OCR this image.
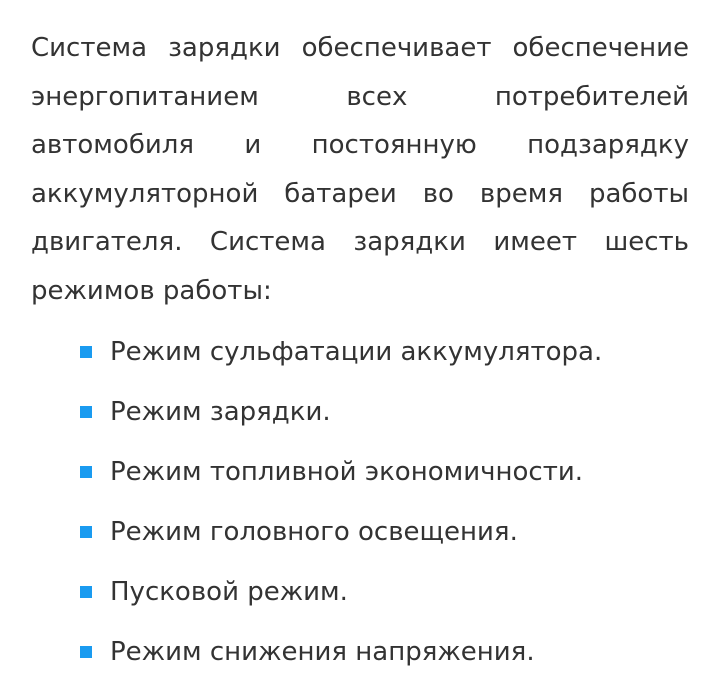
Система зарядки обеспечивает обеспечение энергопитанием всех потребителей автомобиля и постоянную подзарядку аккумуляторной батареи во время работы двигателя. Система зарядки имеет шесть режимов работы:

Режим сульфатации аккумулятора.
Режим зарядки.
Режим топливной экономичности.
Режим головного освещения.
Пусковой режим.
Режим снижения напряжения.
